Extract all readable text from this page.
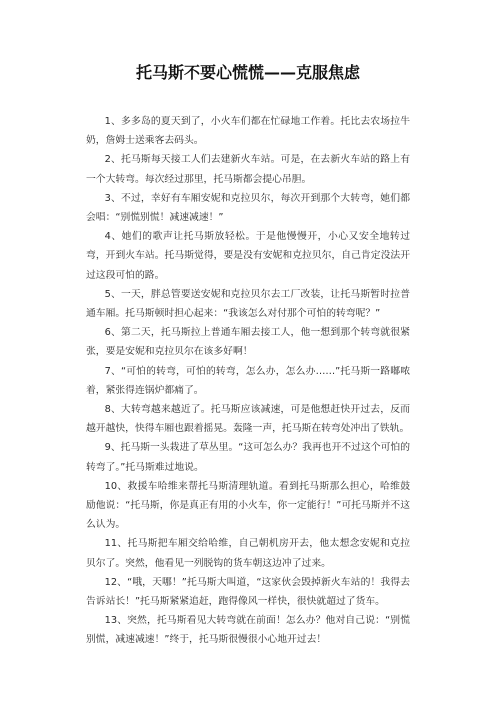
托马斯不要心慌慌——克服焦虑

1、多多岛的夏天到了，小火车们都在忙碌地工作着。托比去农场拉牛奶，詹姆士送乘客去码头。

2、托马斯每天接工人们去建新火车站。可是，在去新火车站的路上有一个大转弯。每次经过那里，托马斯都会提心吊胆。

3、不过，幸好有车厢安妮和克拉贝尔，每次开到那个大转弯，她们都会唱：“别慌别慌！减速减速！”

4、她们的歌声让托马斯放轻松。于是他慢慢开，小心又安全地转过弯，开到火车站。托马斯觉得，要是没有安妮和克拉贝尔，自己肯定没法开过这段可怕的路。

5、一天，胖总管要送安妮和克拉贝尔去工厂改装，让托马斯暂时拉普通车厢。托马斯顿时担心起来：“我该怎么对付那个可怕的转弯呢？”

6、第二天，托马斯拉上普通车厢去接工人，他一想到那个转弯就很紧张，要是安妮和克拉贝尔在该多好啊！

7、“可怕的转弯，可怕的转弯，怎么办，怎么办……”托马斯一路嘟哝着，紧张得连锅炉都痛了。

8、大转弯越来越近了。托马斯应该减速，可是他想赶快开过去，反而越开越快，快得车厢也跟着摇晃。轰隆一声，托马斯在转弯处冲出了铁轨。

9、托马斯一头栽进了草丛里。“这可怎么办？我再也开不过这个可怕的转弯了。”托马斯难过地说。

10、救援车哈维来帮托马斯清理轨道。看到托马斯那么担心，哈维鼓励他说：“托马斯，你是真正有用的小火车，你一定能行！”可托马斯并不这么认为。

11、托马斯把车厢交给哈维，自己朝机房开去，他太想念安妮和克拉贝尔了。突然，他看见一列脱钩的货车朝这边冲了过来。

12、“哦，天哪！”托马斯大叫道，“这家伙会毁掉新火车站的！我得去告诉站长！”托马斯紧紧追赶，跑得像风一样快，很快就超过了货车。

13、突然，托马斯看见大转弯就在前面！怎么办？他对自己说：“别慌别慌，减速减速！”终于，托马斯很慢很小心地开过去！
